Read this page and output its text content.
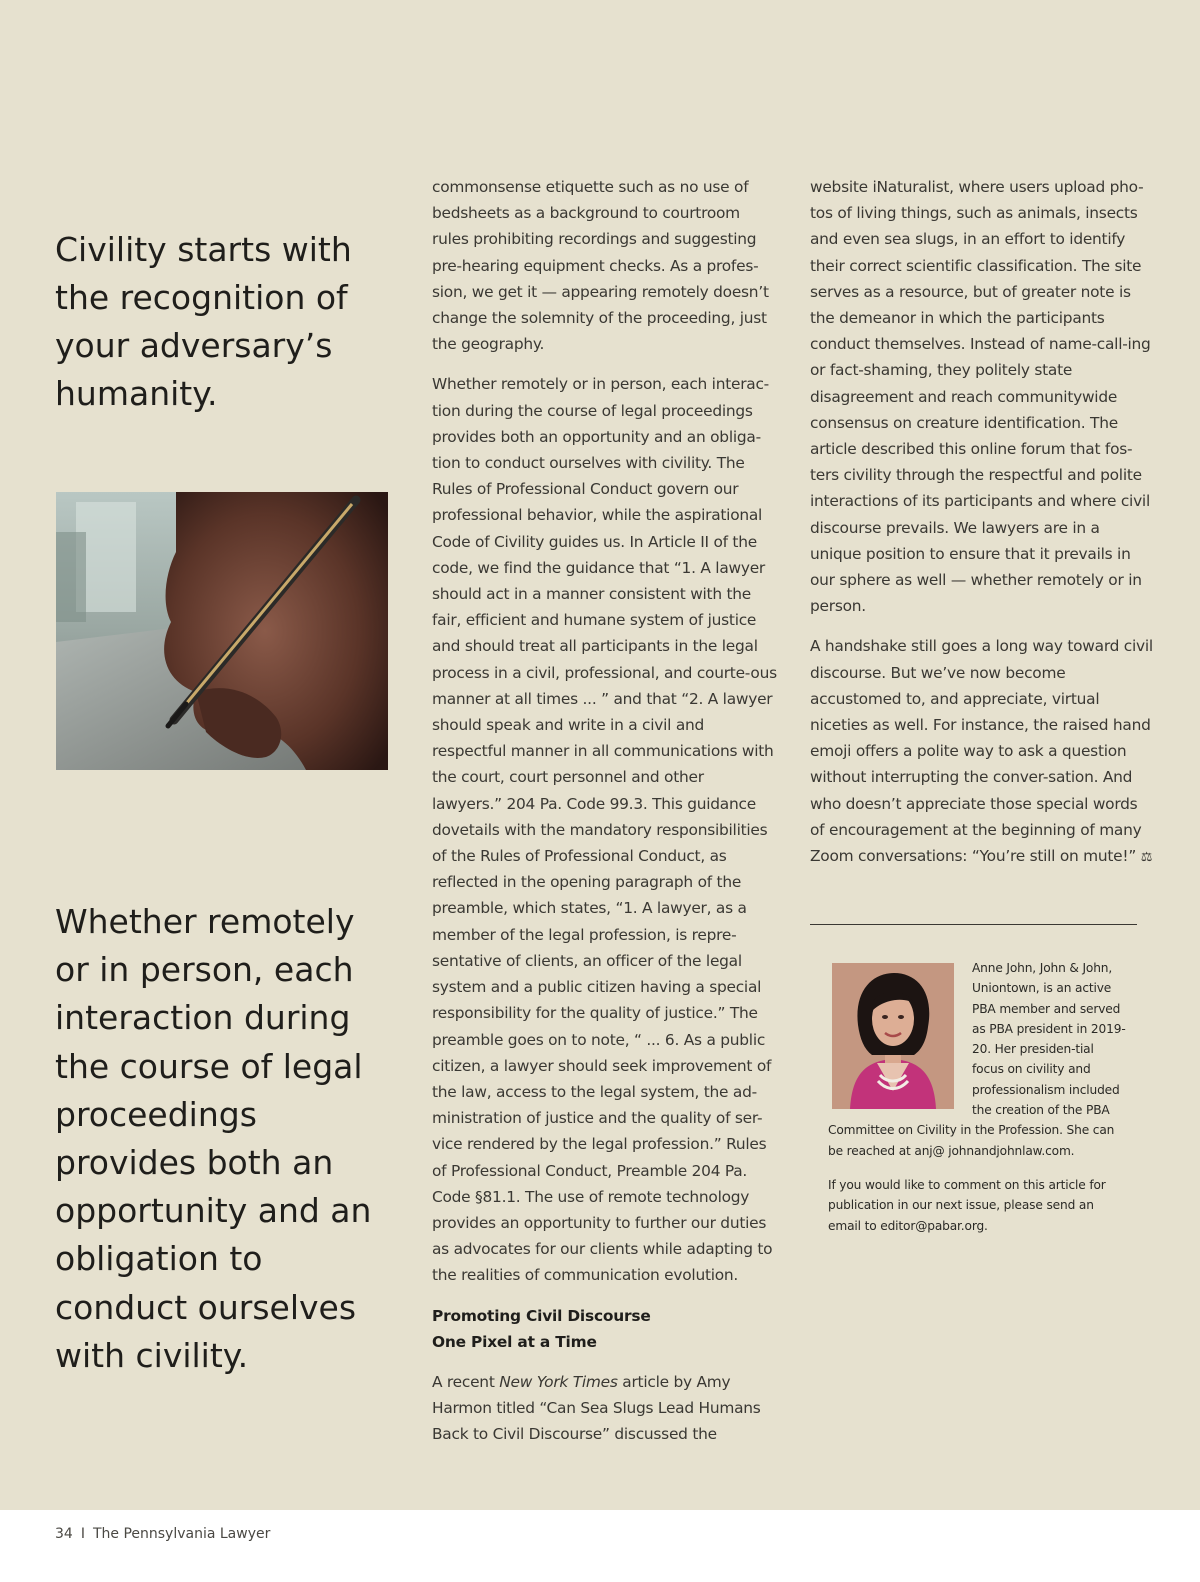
Civility starts with the recognition of your adversary’s humanity.
Whether remotely or in person, each interaction during the course of legal proceedings provides both an opportunity and an obligation to conduct ourselves with civility.

commonsense etiquette such as no use of bedsheets as a background to courtroom rules prohibiting recordings and suggesting pre-hearing equipment checks. As a profes-sion, we get it — appearing remotely doesn’t change the solemnity of the proceeding, just the geography.

Whether remotely or in person, each interac-tion during the course of legal proceedings provides both an opportunity and an obliga-tion to conduct ourselves with civility. The Rules of Professional Conduct govern our professional behavior, while the aspirational Code of Civility guides us. In Article II of the code, we find the guidance that “1. A lawyer should act in a manner consistent with the fair, efficient and humane system of justice and should treat all participants in the legal process in a civil, professional, and courte-ous manner at all times ... ” and that “2. A lawyer should speak and write in a civil and respectful manner in all communications with the court, court personnel and other lawyers.” 204 Pa. Code 99.3. This guidance dovetails with the mandatory responsibilities of the Rules of Professional Conduct, as reflected in the opening paragraph of the preamble, which states, “1. A lawyer, as a member of the legal profession, is repre-sentative of clients, an officer of the legal system and a public citizen having a special responsibility for the quality of justice.” The preamble goes on to note, “ ... 6. As a public citizen, a lawyer should seek improvement of the law, access to the legal system, the ad-ministration of justice and the quality of ser-vice rendered by the legal profession.” Rules of Professional Conduct, Preamble 204 Pa. Code §81.1. The use of remote technology provides an opportunity to further our duties as advocates for our clients while adapting to the realities of communication evolution.

Promoting Civil Discourse
One Pixel at a Time

A recent New York Times article by Amy Harmon titled “Can Sea Slugs Lead Humans Back to Civil Discourse” discussed the

website iNaturalist, where users upload pho-tos of living things, such as animals, insects and even sea slugs, in an effort to identify their correct scientific classification. The site serves as a resource, but of greater note is the demeanor in which the participants conduct themselves. Instead of name-call-ing or fact-shaming, they politely state disagreement and reach communitywide consensus on creature identification. The article described this online forum that fos-ters civility through the respectful and polite interactions of its participants and where civil discourse prevails. We lawyers are in a unique position to ensure that it prevails in our sphere as well — whether remotely or in person.

A handshake still goes a long way toward civil discourse. But we’ve now become accustomed to, and appreciate, virtual niceties as well. For instance, the raised hand emoji offers a polite way to ask a question without interrupting the conver-sation. And who doesn’t appreciate those special words of encouragement at the beginning of many Zoom conversations: “You’re still on mute!” ⚖

Anne John, John & John, Uniontown, is an active PBA member and served as PBA president in 2019-20. Her presiden-tial focus on civility and professionalism included the creation of the PBA Committee on Civility in the Profession. She can be reached at anj@ johnandjohnlaw.com.

If you would like to comment on this article for publication in our next issue, please send an email to editor@pabar.org.

34 I The Pennsylvania Lawyer
